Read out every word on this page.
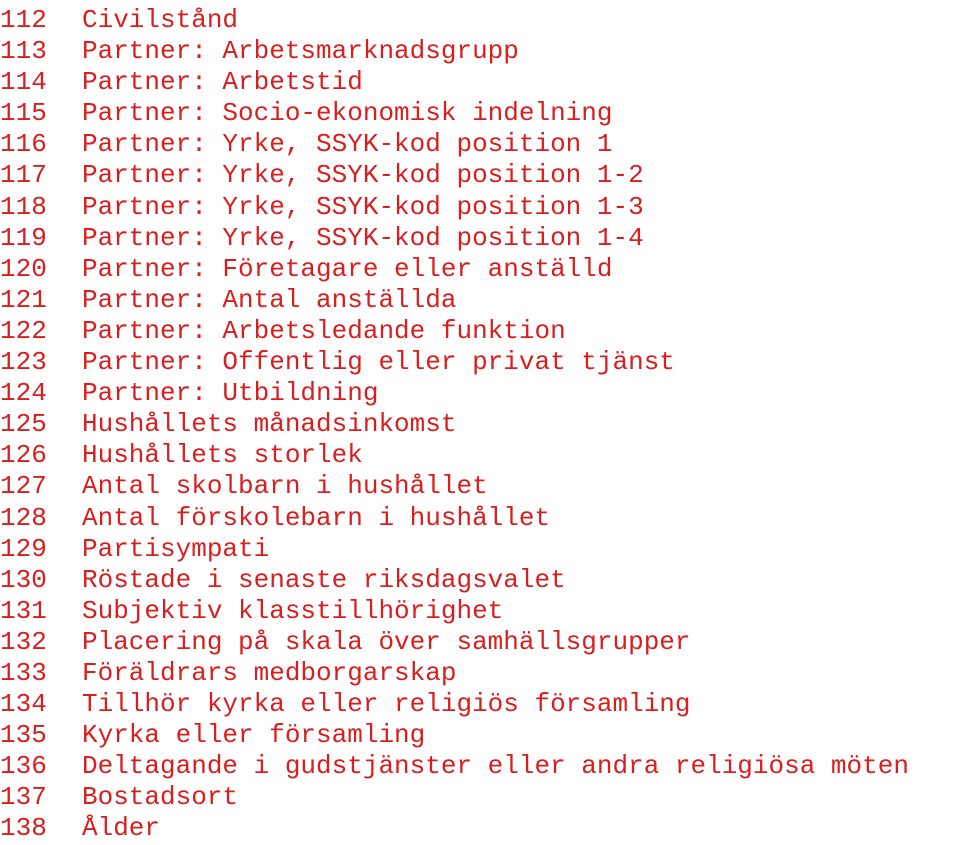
112	Civilstånd
113	Partner: Arbetsmarknadsgrupp
114	Partner: Arbetstid
115	Partner: Socio-ekonomisk indelning
116	Partner: Yrke, SSYK-kod position 1
117	Partner: Yrke, SSYK-kod position 1-2
118	Partner: Yrke, SSYK-kod position 1-3
119	Partner: Yrke, SSYK-kod position 1-4
120	Partner: Företagare eller anställd
121	Partner: Antal anställda
122	Partner: Arbetsledande funktion
123	Partner: Offentlig eller privat tjänst
124	Partner: Utbildning
125	Hushållets månadsinkomst
126	Hushållets storlek
127	Antal skolbarn i hushållet
128	Antal förskolebarn i hushållet
129	Partisympati
130	Röstade i senaste riksdagsvalet
131	Subjektiv klasstillhörighet
132	Placering på skala över samhällsgrupper
133	Föräldrars medborgarskap
134	Tillhör kyrka eller religiös församling
135	Kyrka eller församling
136	Deltagande i gudstjänster eller andra religiösa möten
137	Bostadsort
138	Ålder
